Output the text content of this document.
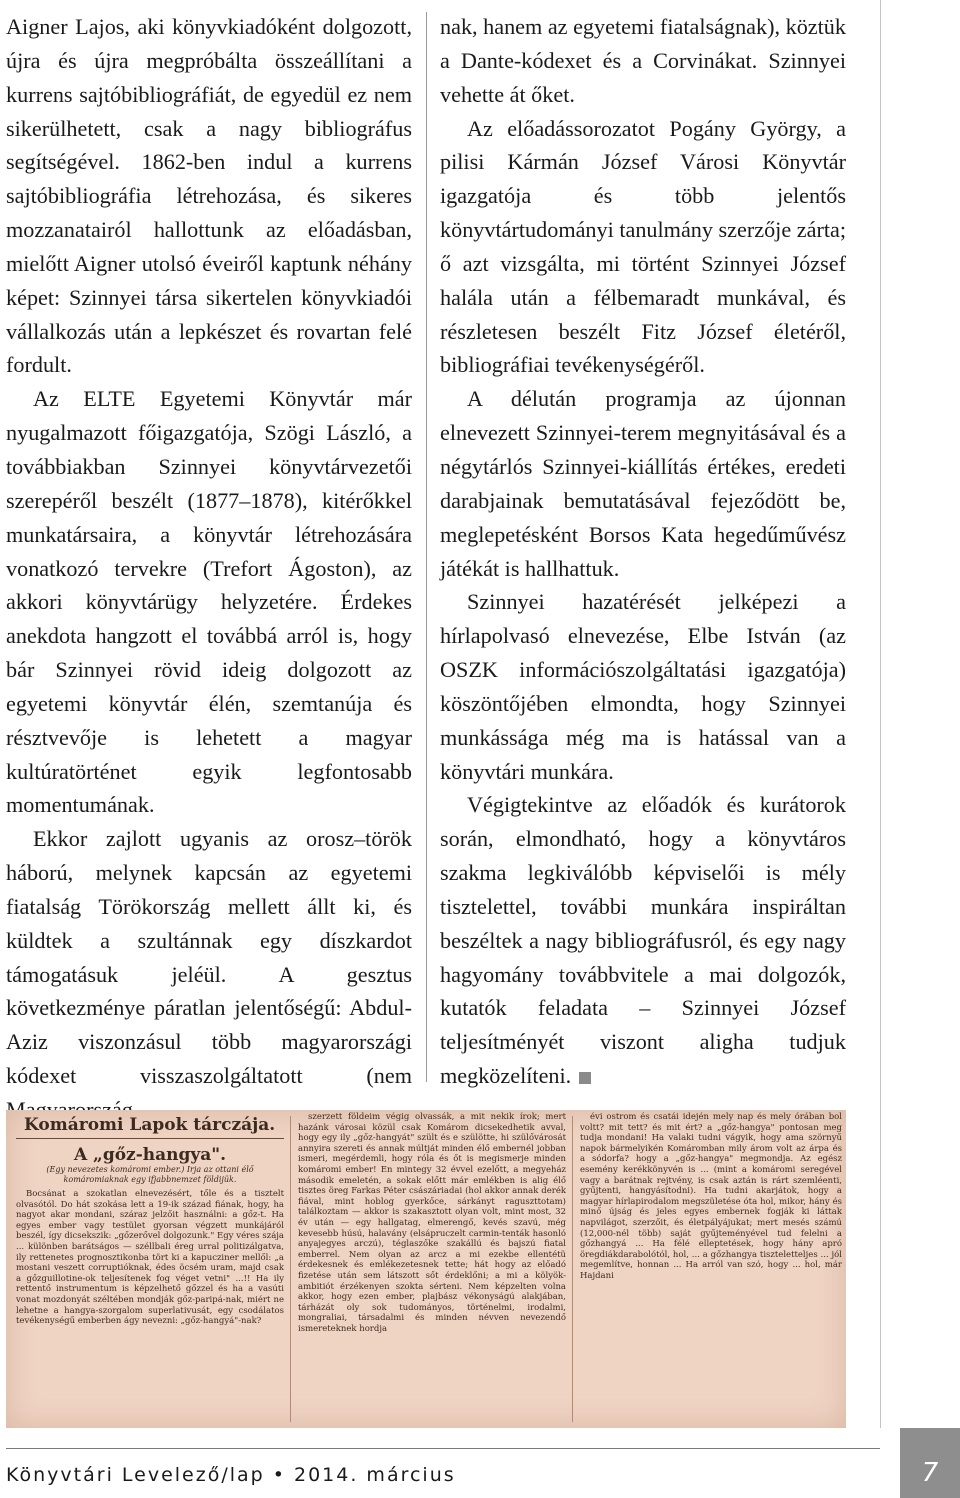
Aigner Lajos, aki könyvkiadóként dolgozott, újra és újra megpróbálta összeállítani a kurrens sajtóbibliográfiát, de egyedül ez nem sikerülhetett, csak a nagy bibliográfus segítségével. 1862-ben indul a kurrens sajtóbibliográfia létrehozása, és sikeres mozzanatairól hallottunk az előadásban, mielőtt Aigner utolsó éveiről kaptunk néhány képet: Szinnyei társa sikertelen könyvkiadói vállalkozás után a lepkészet és rovartan felé fordult.

Az ELTE Egyetemi Könyvtár már nyugalmazott főigazgatója, Szögi László, a továbbiakban Szinnyei könyvtárvezetői szerepéről beszélt (1877–1878), kitérőkkel munkatársaira, a könyvtár létrehozására vonatkozó tervekre (Trefort Ágoston), az akkori könyvtárügy helyzetére. Érdekes anekdota hangzott el továbbá arról is, hogy bár Szinnyei rövid ideig dolgozott az egyetemi könyvtár élén, szemtanúja és résztvevője is lehetett a magyar kultúratörténet egyik legfontosabb momentumának.

Ekkor zajlott ugyanis az orosz–török háború, melynek kapcsán az egyetemi fiatalság Törökország mellett állt ki, és küldtek a szultánnak egy díszkardot támogatásuk jeléül. A gesztus következménye páratlan jelentőségű: Abdul-Aziz viszonzásul több magyarországi kódexet visszaszolgáltatott (nem

nak, hanem az egyetemi fiatalságnak), köztük a Dante-kódexet és a Corvinákat. Szinnyei vehette át őket.

Az előadássorozatot Pogány György, a pilisi Kármán József Városi Könyvtár igazgatója és több jelentős könyvtártudományi tanulmány szerzője zárta; ő azt vizsgálta, mi történt Szinnyei József halála után a félbemaradt munkával, és részletesen beszélt Fitz József életéről, bibliográfiai tevékenységéről.

A délután programja az újonnan elnevezett Szinnyei-terem megnyitásával és a négytárlós Szinnyei-kiállítás értékes, eredeti darabjainak bemutatásával fejeződött be, meglepetésként Borsos Kata hegedűművész játékát is hallhattuk.

Szinnyei hazatérését jelképezi a hírlapolvasó elnevezése, Elbe István (az OSZK információszolgáltatási igazgatója) köszöntőjében elmondta, hogy Szinnyei munkássága még ma is hatással van a könyvtári munkára.

Végigtekintve az előadók és kurátorok során, elmondható, hogy a könyvtáros szakma legkiválóbb képviselői is mély tisztelettel, további munkára inspiráltan beszéltek a nagy bibliográfusról, és egy nagy hagyomány továbbvitele a mai dolgozók, kutatók feladata – Szinnyei József teljesítményét viszont aligha tudjuk megközelíteni.

Komáromi Lapok tárczája.
A „gőz-hangya".
(Egy nevezetes komáromi ember.) Irja az ottani élő komáromiaknak egy ifjabbnemzet földijük.

Bocsánat a szokatlan elnevezésért, tőle és a tisztelt olvasótól. Do hát szokása lett a 19-ik század fiának, hogy, ha nagyot akar mondani, száraz jelzőit használni: a gőz-t. Ha egyes ember vagy testület gyorsan végzett munkájáról beszél, így dicsekszik: „gőzerővel dolgozunk." Egy véres szája ... különben barátságos — széllbali éreg urral politizálgatva, ily rettenetes prognosztikonba tört ki a kapucziner mellől: „a mostani veszett corruptióknak, édes öcsém uram, majd csak a gőzguillotine-ok teljesítenek fog véget vetni" ...!! Ha ily rettentő instrumentum is képzelhető gőzzel és ha a vasúti vonat mozdonyát széltében mondják gőz-paripá-nak, miért ne lehetne a hangya-szorgalom superlativusát, egy csodálatos tevékenységű emberben ágy nevezni: „gőz-hangyá"-nak?

szerzett földeim végig olvassák, a mit nekik írok; mert hazánk városai közül csak Komárom dicsekedhetik avval, hogy egy ily „gőz-hangyát" szült és e szülötte, hi szülővárosát annyira szereti és annak múltját minden élő embernél jobban ismeri, megérdemli, hogy róla és őt is megismerje minden komáromi ember! En mintegy 32 évvel ezelőtt, a megyeház második emeletén, a sokak előtt már emlékben is alig élő tisztes öreg Farkas Péter császáriadai (hol akkor annak derék fiával, mint hoblog gyerkőce, sárkányt raguszttotam) találkoztam — akkor is szakasztott olyan volt, mint most, 32 év után — egy hallgatag, elmerengő, kevés szavú, még kevesebb húsú, halavány (elsápruczelt carmin-tenták hasonló anyajegyes arczú), téglaszőke szakállú és bajszú fiatal emberrel. Nem olyan az arcz a mi ezekbe ellentétü érdekesnek és emlékezetesnek tette; hát hogy az előadó fizetése után sem látszott sőt érdeklőni; a mi a kölyök-ambitiót érzékenyen szokta sérteni. Nem képzelten volna akkor, hogy ezen ember, plajbász vékonyságú alakjában, tárházát oly sok tudományos, történelmi, irodalmi, mongraliai, társadalmi és minden névven nevezendő ismereteknek hordja

évi ostrom és csatái idején mely nap és mely órában bol voltt? mit tett? és mit ért? a „gőz-hangya" pontosan meg tudja mondani! Ha valaki tudni vágyik, hogy ama szörnyű napok bármelyikén Komáromban mily árom volt az árpa és a sódorfa? hogy a „gőz-hangya" megmondja. Az egész esemény kerékkönyvén is ... (mint a komáromi seregével vagy a barátnak rejtvény, is csak aztán is rárt szemléenti, gyűjtenti, hangyásítodni). Ha tudni akarjátok, hogy a magyar hírlapirodalom megszületése óta hol, mikor, hány és minő újság és jeles egyes embernek fogják ki láttak napvilágot, szerzőit, és életpályájukat; mert mesés számú (12,000-nél több) saját gyűjteményével tud felelni a gőzhangyá ... Ha félé elleptetések, hogy hány apró öregdiákdarabolótól, hol, ... a gőzhangya tiszteletteljes ... jól megemlítve, honnan ... Ha arról van szó, hogy ... hol, már Hajdani

Könyvtári Levelező/lap • 2014. március	7
